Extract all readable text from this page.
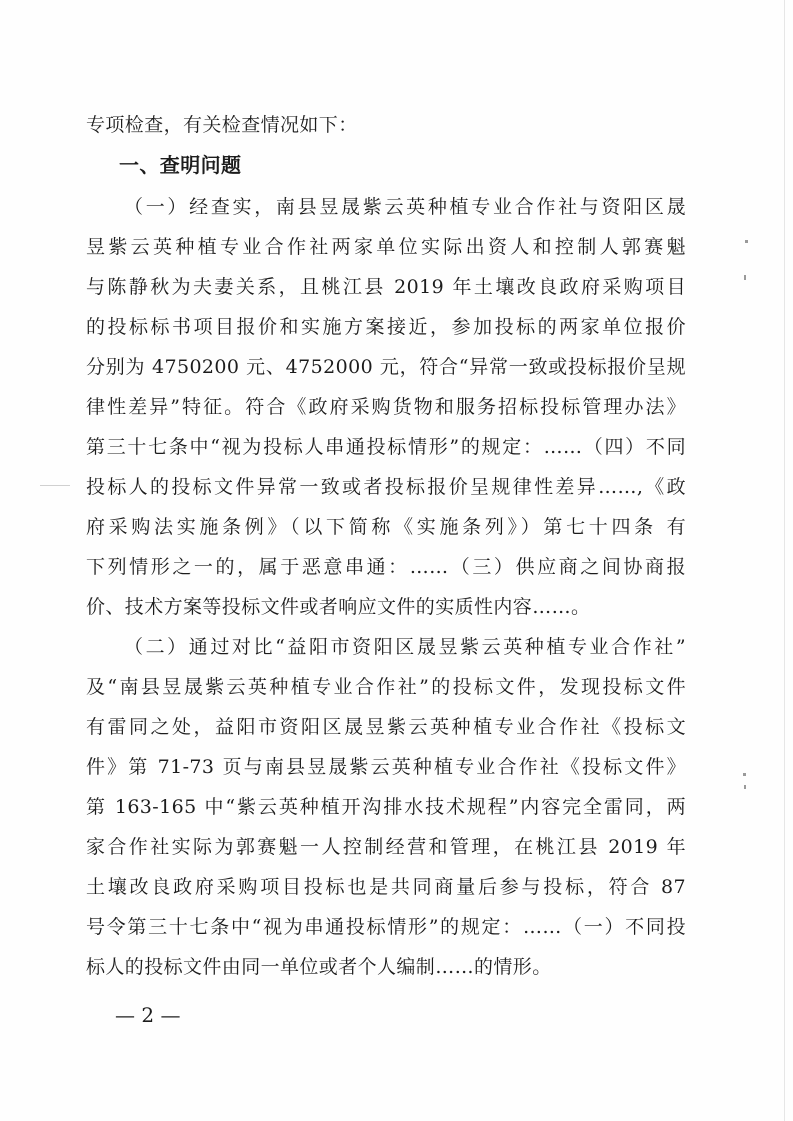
专项检查，有关检查情况如下：
一、查明问题
（一）经查实，南县昱晟紫云英种植专业合作社与资阳区晟
昱紫云英种植专业合作社两家单位实际出资人和控制人郭赛魁
与陈静秋为夫妻关系，且桃江县 2019 年土壤改良政府采购项目
的投标标书项目报价和实施方案接近，参加投标的两家单位报价
分别为 4750200 元、4752000 元，符合“异常一致或投标报价呈规
律性差异”特征。符合《政府采购货物和服务招标投标管理办法》
第三十七条中“视为投标人串通投标情形”的规定：……（四）不同
投标人的投标文件异常一致或者投标报价呈规律性差异……,《政
府采购法实施条例》（以下简称《实施条列》）第七十四条 有
下列情形之一的，属于恶意串通：……（三）供应商之间协商报
价、技术方案等投标文件或者响应文件的实质性内容……。
（二）通过对比“益阳市资阳区晟昱紫云英种植专业合作社”
及“南县昱晟紫云英种植专业合作社”的投标文件，发现投标文件
有雷同之处，益阳市资阳区晟昱紫云英种植专业合作社《投标文
件》第 71-73 页与南县昱晟紫云英种植专业合作社《投标文件》
第 163-165 中“紫云英种植开沟排水技术规程”内容完全雷同，两
家合作社实际为郭赛魁一人控制经营和管理，在桃江县 2019 年
土壤改良政府采购项目投标也是共同商量后参与投标，符合 87
号令第三十七条中“视为串通投标情形”的规定：……（一）不同投
标人的投标文件由同一单位或者个人编制……的情形。
— 2 —
